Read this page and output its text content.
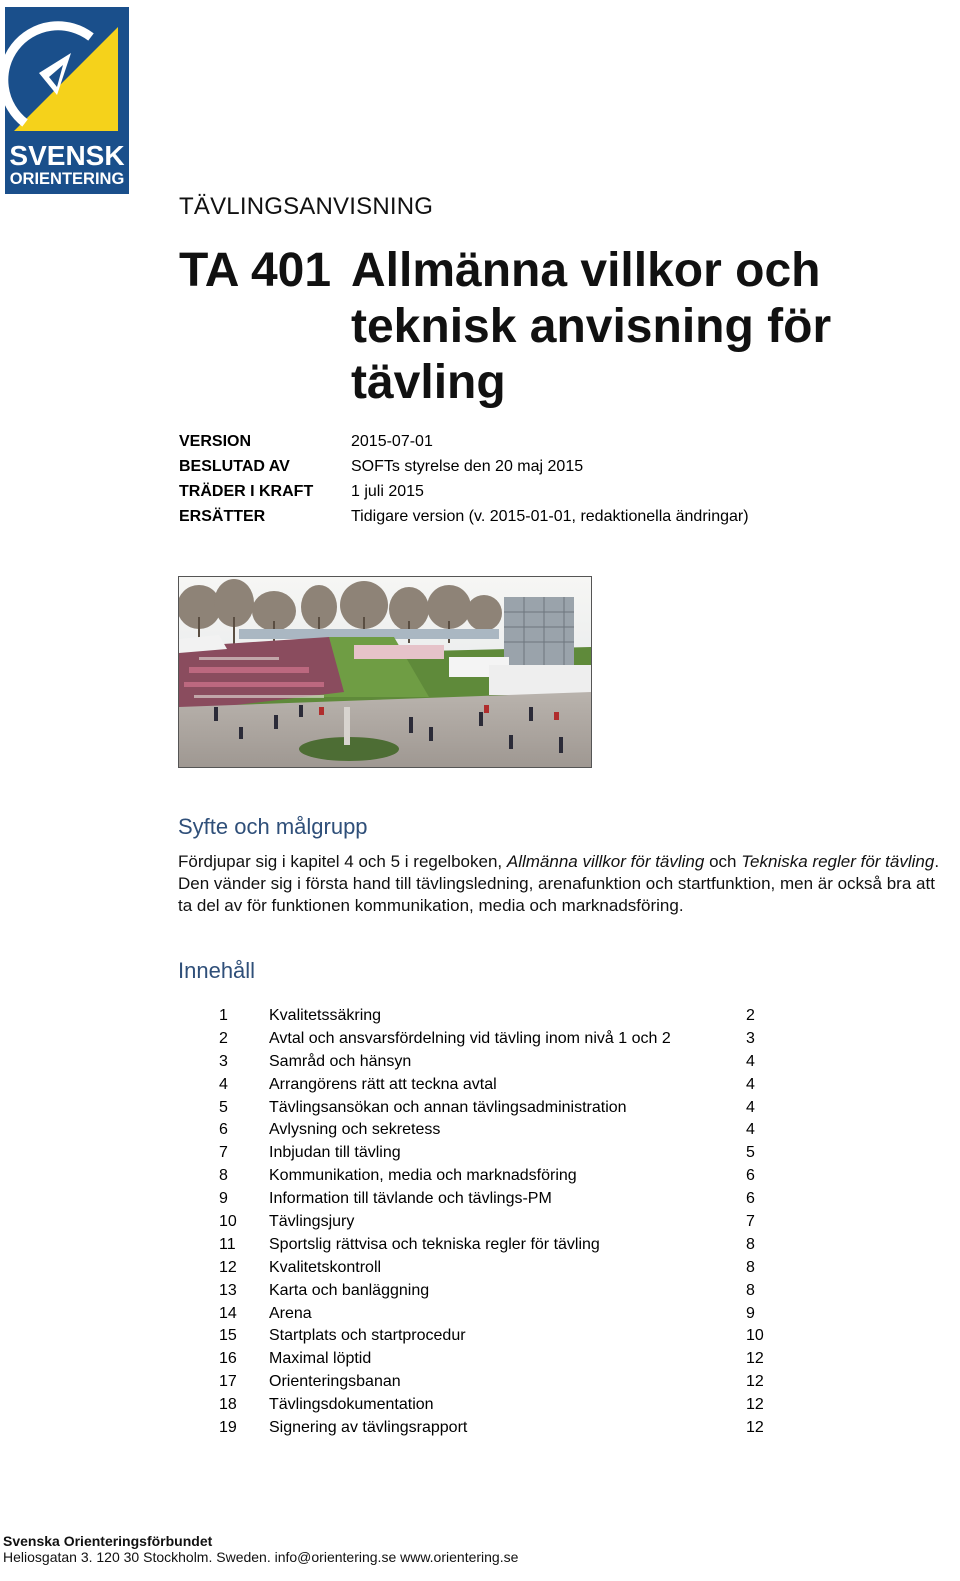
SVENSK
ORIENTERING
TÄVLINGSANVISNING
TA 401 Allmänna villkor och
teknisk anvisning för
tävling
VERSION	2015-07-01
BESLUTAD AV	SOFTs styrelse den 20 maj 2015
TRÄDER I KRAFT 1 juli 2015
ERSÄTTER	Tidigare version (v. 2015-01-01, redaktionella ändringar)
Syfte och målgrupp
Fördjupar sig i kapitel 4 och 5 i regelboken, Allmänna villkor för tävling och Tekniska regler för tävling. Den vänder sig i första hand till tävlingsledning, arenafunktion och startfunktion, men är också bra att ta del av för funktionen kommunikation, media och marknadsföring.
Innehåll
1	Kvalitetssäkring	2
2	Avtal och ansvarsfördelning vid tävling inom nivå 1 och 2	3
3	Samråd och hänsyn	4
4	Arrangörens rätt att teckna avtal	4
5	Tävlingsansökan och annan tävlingsadministration	4
6	Avlysning och sekretess	4
7	Inbjudan till tävling	5
8	Kommunikation, media och marknadsföring	6
9	Information till tävlande och tävlings-PM	6
10 Tävlingsjury	7
11 Sportslig rättvisa och tekniska regler för tävling	8
12 Kvalitetskontroll	8
13 Karta och banläggning	8
14 Arena	9
15 Startplats och startprocedur	10
16 Maximal löptid	12
17 Orienteringsbanan	12
18 Tävlingsdokumentation	12
19 Signering av tävlingsrapport	12
Svenska Orienteringsförbundet
Heliosgatan 3. 120 30 Stockholm. Sweden. info@orientering.se www.orientering.se
